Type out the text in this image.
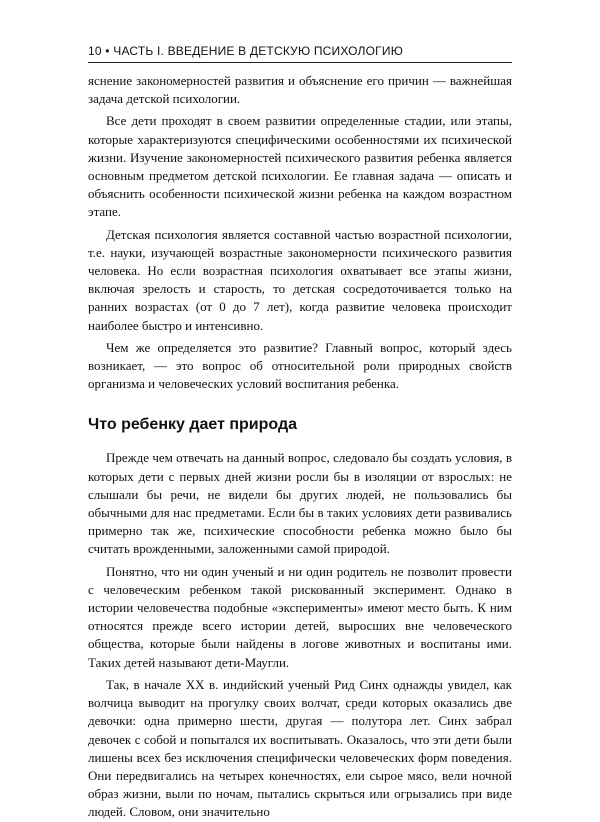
10 • ЧАСТЬ I. ВВЕДЕНИЕ В ДЕТСКУЮ ПСИХОЛОГИЮ

яснение закономерностей развития и объяснение его причин — важнейшая задача детской психологии.

Все дети проходят в своем развитии определенные стадии, или этапы, которые характеризуются специфическими особенностями их психической жизни. Изучение закономерностей психического развития ребенка является основным предметом детской психологии. Ее главная задача — описать и объяснить особенности психической жизни ребенка на каждом возрастном этапе.

Детская психология является составной частью возрастной психологии, т.е. науки, изучающей возрастные закономерности психического развития человека. Но если возрастная психология охватывает все этапы жизни, включая зрелость и старость, то детская сосредоточивается только на ранних возрастах (от 0 до 7 лет), когда развитие человека происходит наиболее быстро и интенсивно.

Чем же определяется это развитие? Главный вопрос, который здесь возникает, — это вопрос об относительной роли природных свойств организма и человеческих условий воспитания ребенка.

Что ребенку дает природа

Прежде чем отвечать на данный вопрос, следовало бы создать условия, в которых дети с первых дней жизни росли бы в изоляции от взрослых: не слышали бы речи, не видели бы других людей, не пользовались бы обычными для нас предметами. Если бы в таких условиях дети развивались примерно так же, психические способности ребенка можно было бы считать врожденными, заложенными самой природой.

Понятно, что ни один ученый и ни один родитель не позволит провести с человеческим ребенком такой рискованный эксперимент. Однако в истории человечества подобные «эксперименты» имеют место быть. К ним относятся прежде всего истории детей, выросших вне человеческого общества, которые были найдены в логове животных и воспитаны ими. Таких детей называют дети-Маугли.

Так, в начале XX в. индийский ученый Рид Синх однажды увидел, как волчица выводит на прогулку своих волчат, среди которых оказались две девочки: одна примерно шести, другая — полутора лет. Синх забрал девочек с собой и попытался их воспитывать. Оказалось, что эти дети были лишены всех без исключения специфически человеческих форм поведения. Они передвигались на четырех конечностях, ели сырое мясо, вели ночной образ жизни, выли по ночам, пытались скрыться или огрызались при виде людей. Словом, они значительно
